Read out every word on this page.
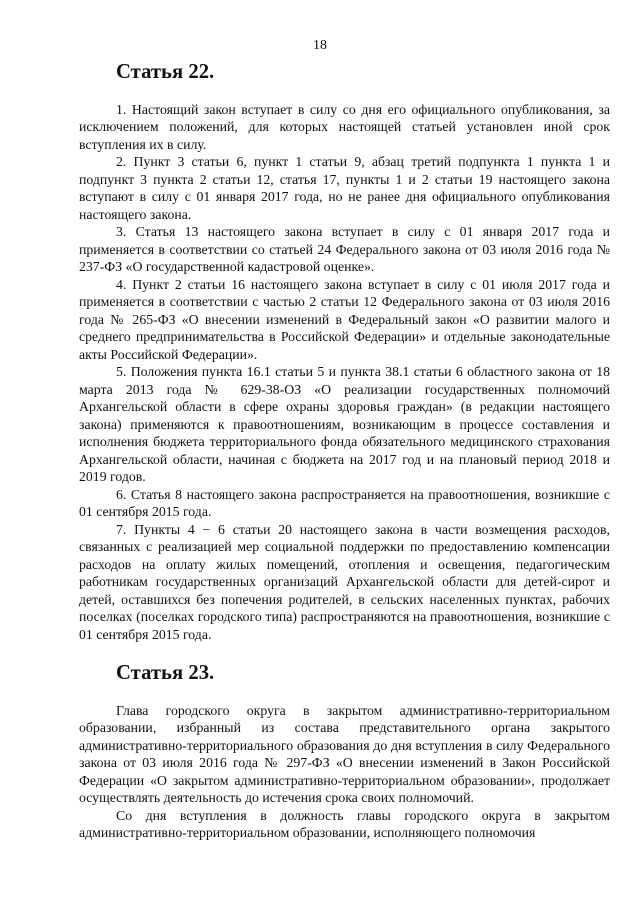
18
Статья 22.

1. Настоящий закон вступает в силу со дня его официального опубликования, за исключением положений, для которых настоящей статьей установлен иной срок вступления их в силу.

2. Пункт 3 статьи 6, пункт 1 статьи 9, абзац третий подпункта 1 пункта 1 и подпункт 3 пункта 2 статьи 12, статья 17, пункты 1 и 2 статьи 19 настоящего закона вступают в силу с 01 января 2017 года, но не ранее дня официального опубликования настоящего закона.

3. Статья 13 настоящего закона вступает в силу с 01 января 2017 года и применяется в соответствии со статьей 24 Федерального закона от 03 июля 2016 года № 237-ФЗ «О государственной кадастровой оценке».

4. Пункт 2 статьи 16 настоящего закона вступает в силу с 01 июля 2017 года и применяется в соответствии с частью 2 статьи 12 Федерального закона от 03 июля 2016 года № 265-ФЗ «О внесении изменений в Федеральный закон «О развитии малого и среднего предпринимательства в Российской Федерации» и отдельные законодательные акты Российской Федерации».

5. Положения пункта 16.1 статьи 5 и пункта 38.1 статьи 6 областного закона от 18 марта 2013 года № 629-38-ОЗ «О реализации государственных полномочий Архангельской области в сфере охраны здоровья граждан» (в редакции настоящего закона) применяются к правоотношениям, возникающим в процессе составления и исполнения бюджета территориального фонда обязательного медицинского страхования Архангельской области, начиная с бюджета на 2017 год и на плановый период 2018 и 2019 годов.

6. Статья 8 настоящего закона распространяется на правоотношения, возникшие с 01 сентября 2015 года.

7. Пункты 4 − 6 статьи 20 настоящего закона в части возмещения расходов, связанных с реализацией мер социальной поддержки по предоставлению компенсации расходов на оплату жилых помещений, отопления и освещения, педагогическим работникам государственных организаций Архангельской области для детей-сирот и детей, оставшихся без попечения родителей, в сельских населенных пунктах, рабочих поселках (поселках городского типа) распространяются на правоотношения, возникшие с 01 сентября 2015 года.

Статья 23.

Глава городского округа в закрытом административно-территориальном образовании, избранный из состава представительного органа закрытого административно-территориального образования до дня вступления в силу Федерального закона от 03 июля 2016 года № 297-ФЗ «О внесении изменений в Закон Российской Федерации «О закрытом административно-территориальном образовании», продолжает осуществлять деятельность до истечения срока своих полномочий.

Со дня вступления в должность главы городского округа в закрытом административно-территориальном образовании, исполняющего полномочия
